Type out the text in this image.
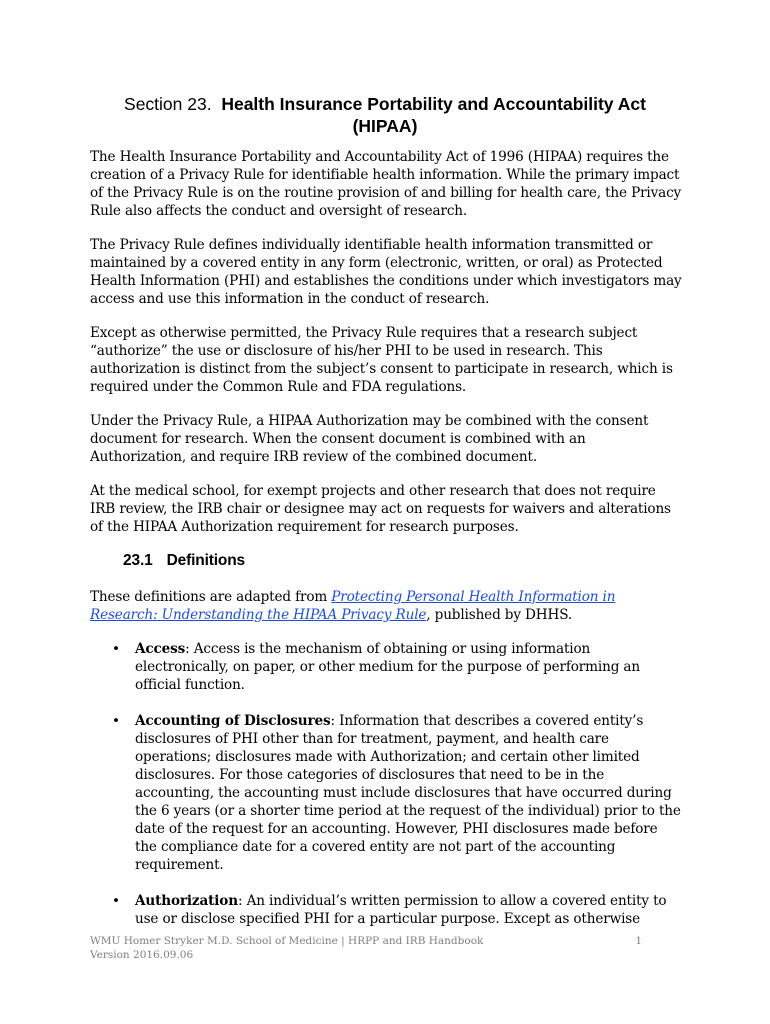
Section 23. Health Insurance Portability and Accountability Act (HIPAA)

The Health Insurance Portability and Accountability Act of 1996 (HIPAA) requires the creation of a Privacy Rule for identifiable health information. While the primary impact of the Privacy Rule is on the routine provision of and billing for health care, the Privacy Rule also affects the conduct and oversight of research.

The Privacy Rule defines individually identifiable health information transmitted or maintained by a covered entity in any form (electronic, written, or oral) as Protected Health Information (PHI) and establishes the conditions under which investigators may access and use this information in the conduct of research.

Except as otherwise permitted, the Privacy Rule requires that a research subject “authorize” the use or disclosure of his/her PHI to be used in research. This authorization is distinct from the subject’s consent to participate in research, which is required under the Common Rule and FDA regulations.

Under the Privacy Rule, a HIPAA Authorization may be combined with the consent document for research. When the consent document is combined with an Authorization, and require IRB review of the combined document.

At the medical school, for exempt projects and other research that does not require IRB review, the IRB chair or designee may act on requests for waivers and alterations of the HIPAA Authorization requirement for research purposes.

23.1 Definitions

These definitions are adapted from Protecting Personal Health Information in Research: Understanding the HIPAA Privacy Rule, published by DHHS.

• Access: Access is the mechanism of obtaining or using information electronically, on paper, or other medium for the purpose of performing an official function.
• Accounting of Disclosures: Information that describes a covered entity’s disclosures of PHI other than for treatment, payment, and health care operations; disclosures made with Authorization; and certain other limited disclosures. For those categories of disclosures that need to be in the accounting, the accounting must include disclosures that have occurred during the 6 years (or a shorter time period at the request of the individual) prior to the date of the request for an accounting. However, PHI disclosures made before the compliance date for a covered entity are not part of the accounting requirement.
• Authorization: An individual’s written permission to allow a covered entity to use or disclose specified PHI for a particular purpose. Except as otherwise
WMU Homer Stryker M.D. School of Medicine | HRPP and IRB Handbook
Version 2016.09.06
1
